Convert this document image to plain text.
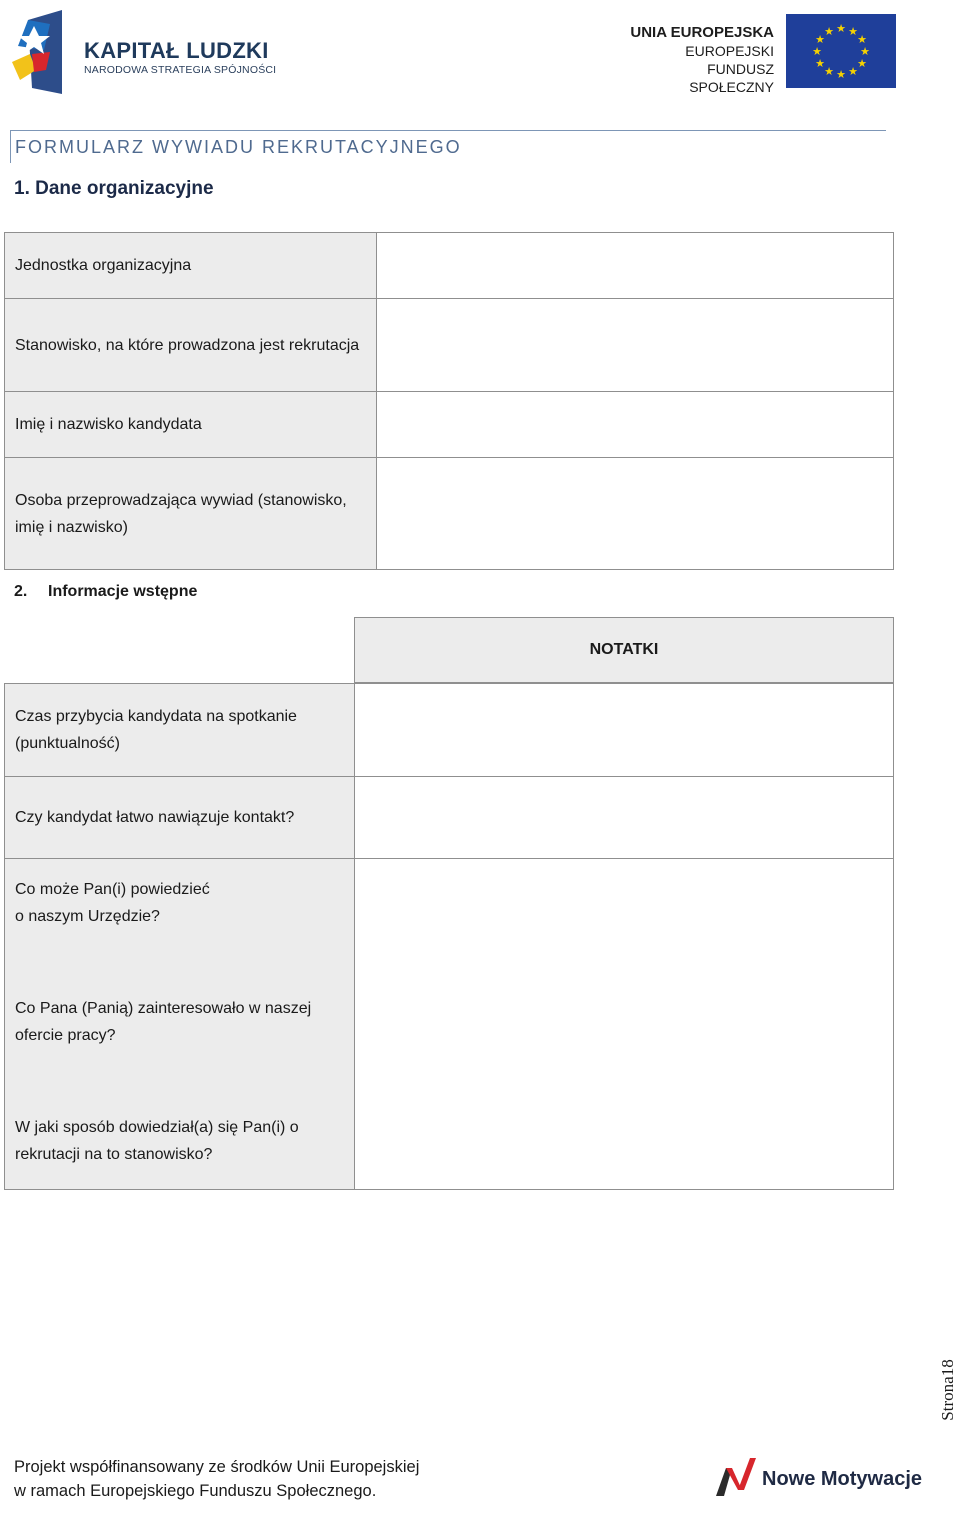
KAPITAŁ LUDZKI
NARODOWA STRATEGIA SPÓJNOŚCI
UNIA EUROPEJSKA
EUROPEJSKI
FUNDUSZ SPOŁECZNY
★ ★
★
★
★
★
★
★
★
★
★
★
FORMULARZ WYWIADU REKRUTACYJNEGO
1. Dane organizacyjne
Jednostka organizacyjna	
Stanowisko, na które prowadzona jest rekrutacja	
Imię i nazwisko kandydata	
Osoba przeprowadzająca wywiad (stanowisko, imię i nazwisko)	
2. Informacje wstępne
NOTATKI
Czas przybycia kandydata na spotkanie (punktualność)	
Czy kandydat łatwo nawiązuje kontakt?	

Co może Pan(i) powiedzieć
o naszym Urzędzie?
Co Pana (Panią) zainteresowało w naszej ofercie pracy?
W jaki sposób dowiedział(a) się Pan(i) o rekrutacji na to stanowisko?	

Strona18
Projekt współfinansowany ze środków Unii Europejskiej
w ramach Europejskiego Funduszu Społecznego.
Nowe Motywacje
